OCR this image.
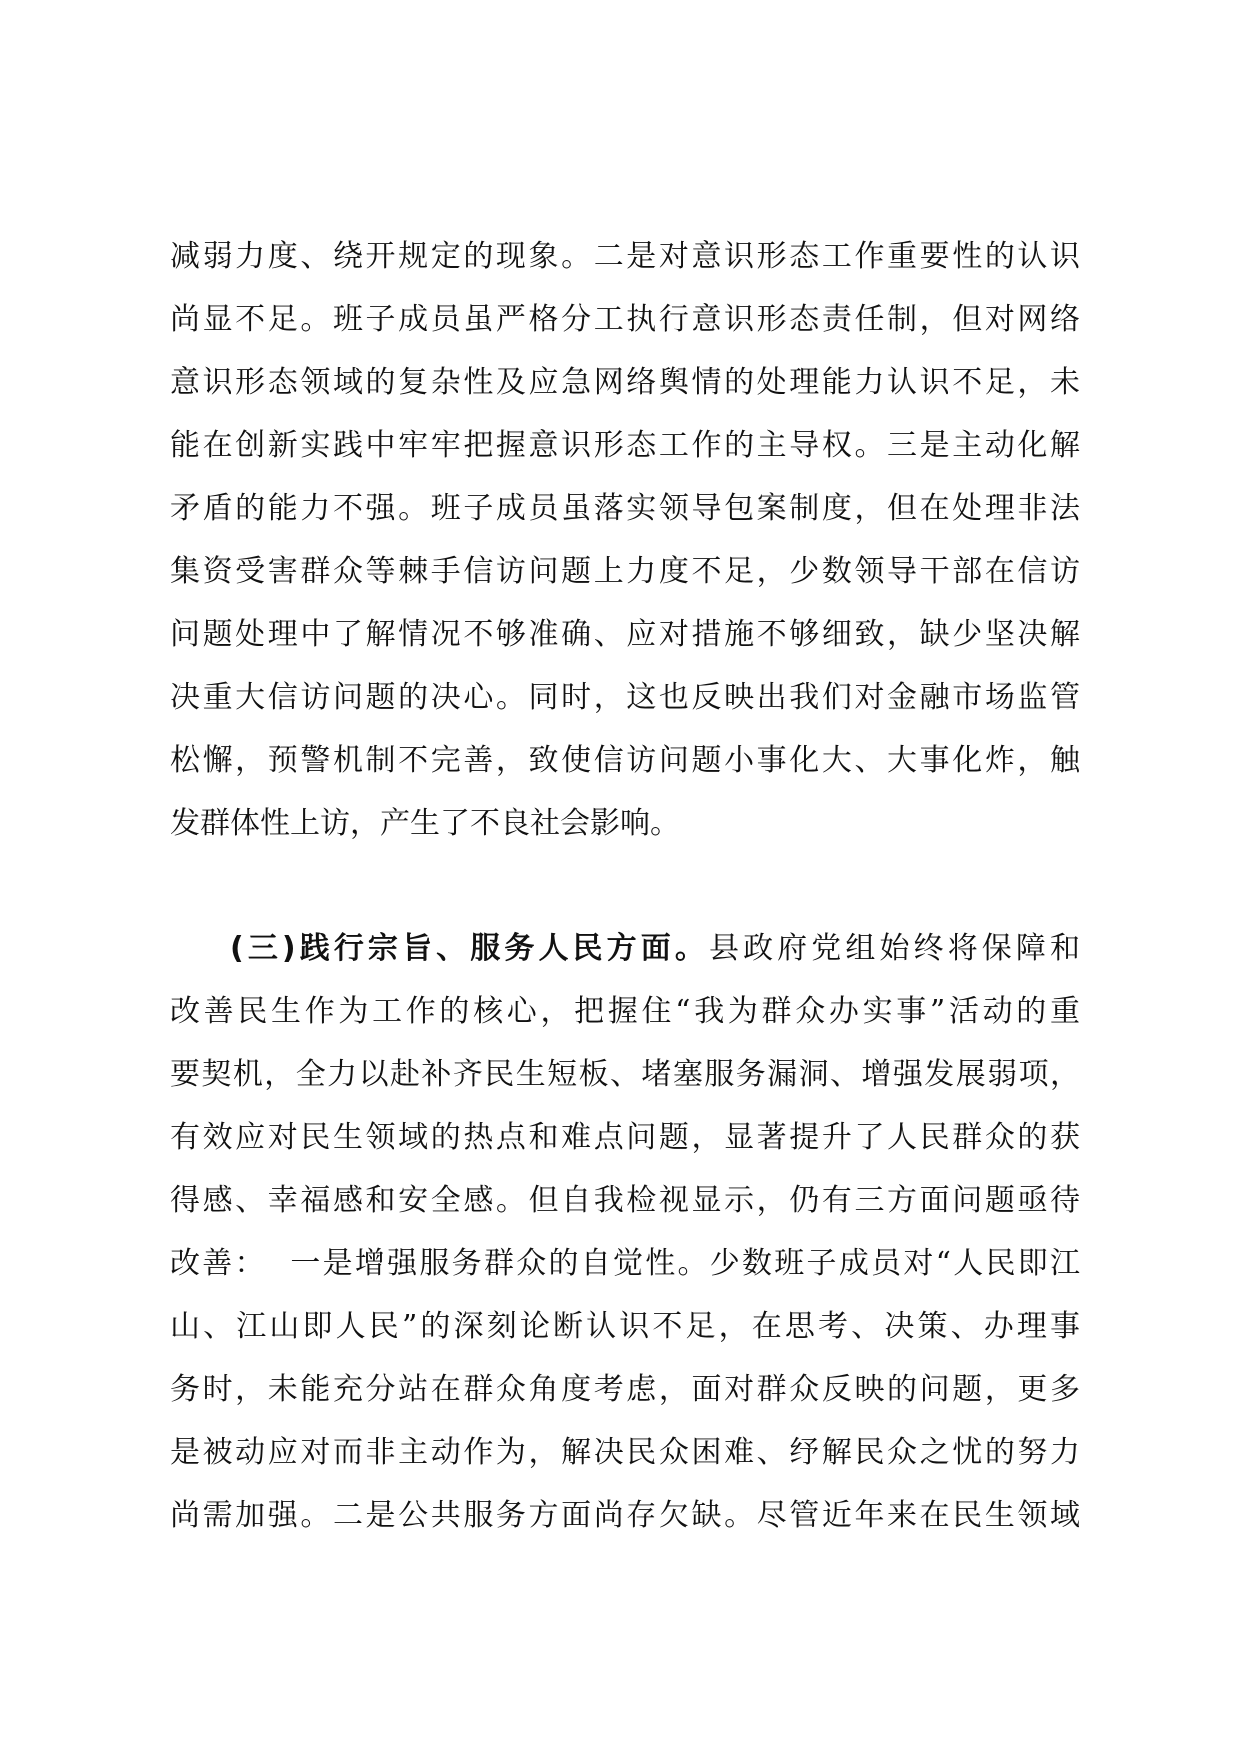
减弱力度、绕开规定的现象。二是对意识形态工作重要性的认识
尚显不足。班子成员虽严格分工执行意识形态责任制，但对网络
意识形态领域的复杂性及应急网络舆情的处理能力认识不足，未
能在创新实践中牢牢把握意识形态工作的主导权。三是主动化解
矛盾的能力不强。班子成员虽落实领导包案制度，但在处理非法
集资受害群众等棘手信访问题上力度不足，少数领导干部在信访
问题处理中了解情况不够准确、应对措施不够细致，缺少坚决解
决重大信访问题的决心。同时，这也反映出我们对金融市场监管
松懈，预警机制不完善，致使信访问题小事化大、大事化炸，触
发群体性上访，产生了不良社会影响。
(三)践行宗旨、服务人民方面。县政府党组始终将保障和
改善民生作为工作的核心，把握住“我为群众办实事”活动的重
要契机，全力以赴补齐民生短板、堵塞服务漏洞、增强发展弱项，
有效应对民生领域的热点和难点问题，显著提升了人民群众的获
得感、幸福感和安全感。但自我检视显示，仍有三方面问题亟待
改善：  一是增强服务群众的自觉性。少数班子成员对“人民即江
山、江山即人民”的深刻论断认识不足，在思考、决策、办理事
务时，未能充分站在群众角度考虑，面对群众反映的问题，更多
是被动应对而非主动作为，解决民众困难、纾解民众之忧的努力
尚需加强。二是公共服务方面尚存欠缺。尽管近年来在民生领域
